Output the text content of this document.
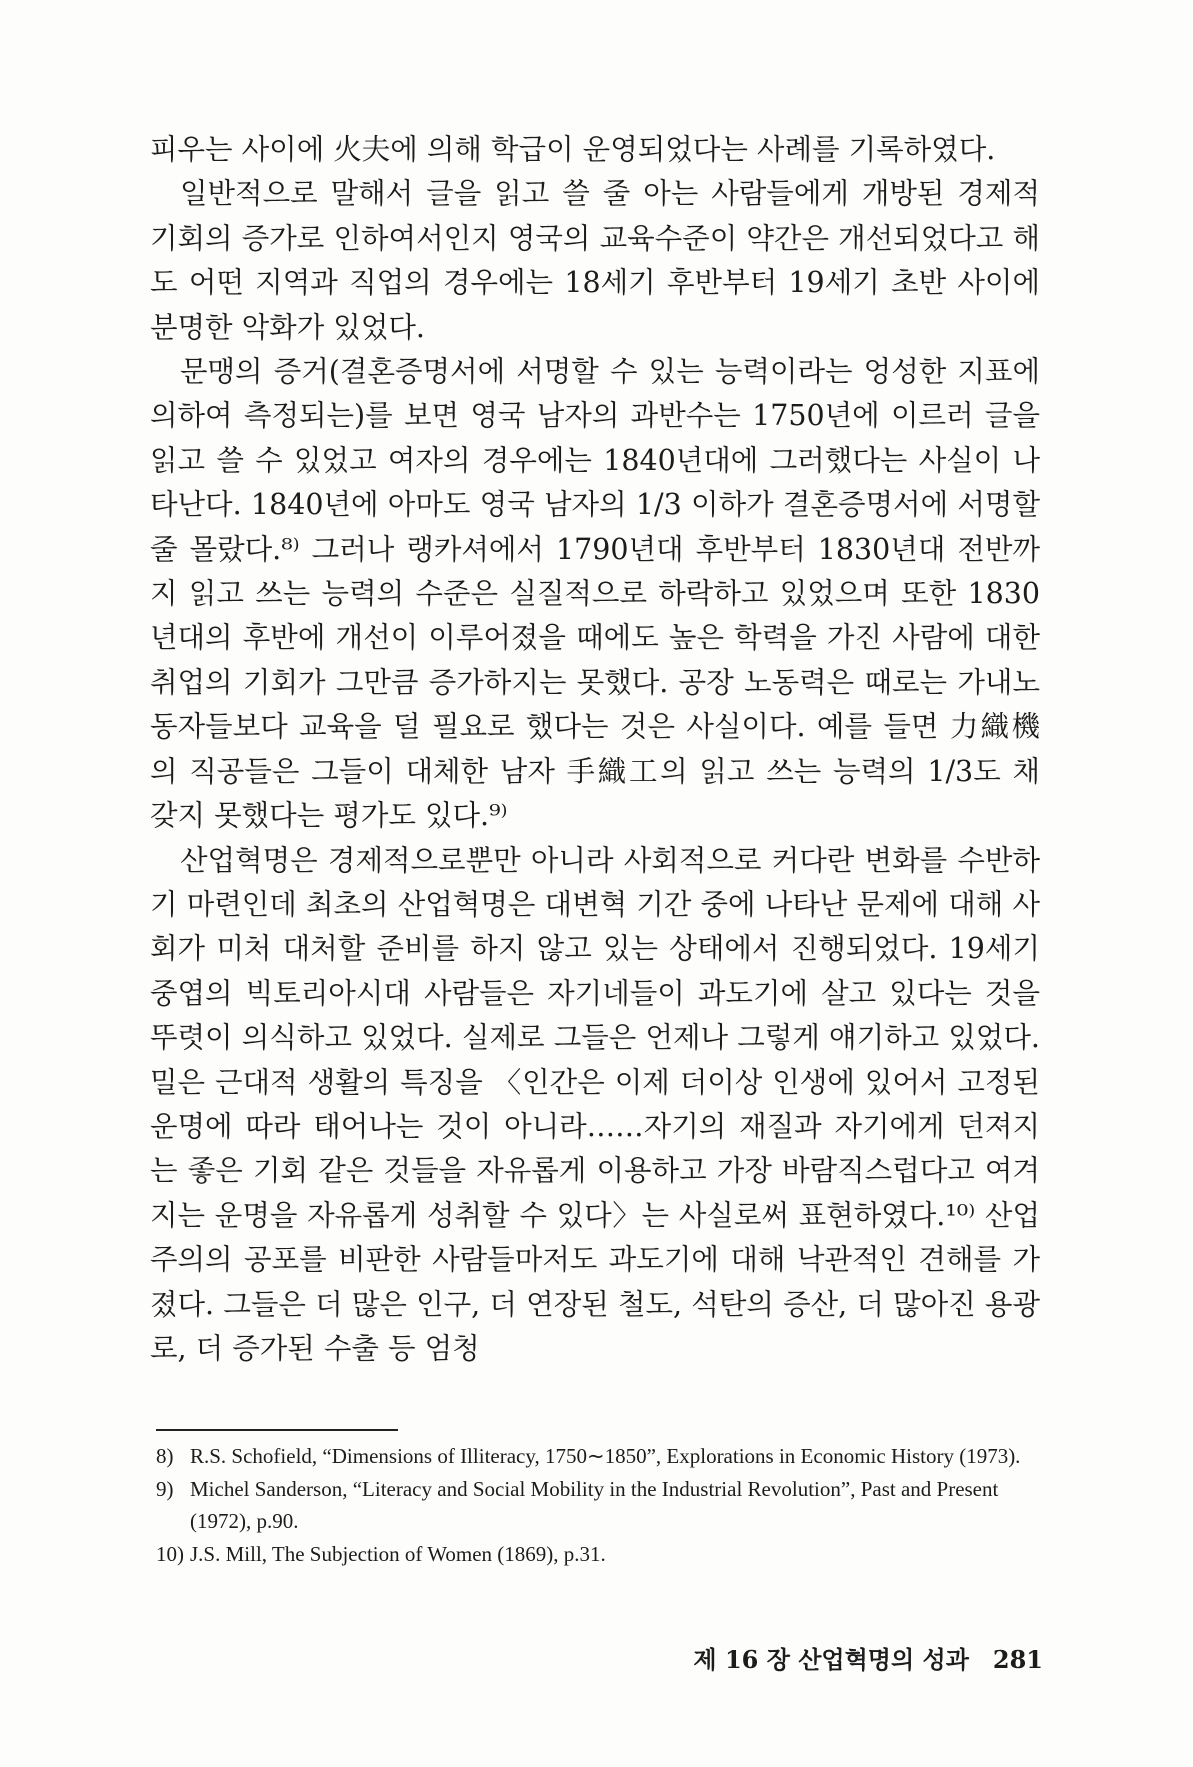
피우는 사이에 火夫에 의해 학급이 운영되었다는 사례를 기록하였다.

일반적으로 말해서 글을 읽고 쓸 줄 아는 사람들에게 개방된 경제적 기회의 증가로 인하여서인지 영국의 교육수준이 약간은 개선되었다고 해도 어떤 지역과 직업의 경우에는 18세기 후반부터 19세기 초반 사이에 분명한 악화가 있었다.

문맹의 증거(결혼증명서에 서명할 수 있는 능력이라는 엉성한 지표에 의하여 측정되는)를 보면 영국 남자의 과반수는 1750년에 이르러 글을 읽고 쓸 수 있었고 여자의 경우에는 1840년대에 그러했다는 사실이 나타난다. 1840년에 아마도 영국 남자의 1/3 이하가 결혼증명서에 서명할 줄 몰랐다.⁸⁾ 그러나 랭카셔에서 1790년대 후반부터 1830년대 전반까지 읽고 쓰는 능력의 수준은 실질적으로 하락하고 있었으며 또한 1830년대의 후반에 개선이 이루어졌을 때에도 높은 학력을 가진 사람에 대한 취업의 기회가 그만큼 증가하지는 못했다. 공장 노동력은 때로는 가내노동자들보다 교육을 덜 필요로 했다는 것은 사실이다. 예를 들면 力織機의 직공들은 그들이 대체한 남자 手織工의 읽고 쓰는 능력의 1/3도 채 갖지 못했다는 평가도 있다.⁹⁾

산업혁명은 경제적으로뿐만 아니라 사회적으로 커다란 변화를 수반하기 마련인데 최초의 산업혁명은 대변혁 기간 중에 나타난 문제에 대해 사회가 미처 대처할 준비를 하지 않고 있는 상태에서 진행되었다. 19세기 중엽의 빅토리아시대 사람들은 자기네들이 과도기에 살고 있다는 것을 뚜렷이 의식하고 있었다. 실제로 그들은 언제나 그렇게 얘기하고 있었다. 밀은 근대적 생활의 특징을 〈인간은 이제 더이상 인생에 있어서 고정된 운명에 따라 태어나는 것이 아니라……자기의 재질과 자기에게 던져지는 좋은 기회 같은 것들을 자유롭게 이용하고 가장 바람직스럽다고 여겨지는 운명을 자유롭게 성취할 수 있다〉는 사실로써 표현하였다.¹⁰⁾ 산업주의의 공포를 비판한 사람들마저도 과도기에 대해 낙관적인 견해를 가졌다. 그들은 더 많은 인구, 더 연장된 철도, 석탄의 증산, 더 많아진 용광로, 더 증가된 수출 등 엄청

8) R.S. Schofield, “Dimensions of Illiteracy, 1750∼1850”, Explorations in Economic History (1973).

9) Michel Sanderson, “Literacy and Social Mobility in the Industrial Revolution”, Past and Present (1972), p.90.

10) J.S. Mill, The Subjection of Women (1869), p.31.

제 16 장 산업혁명의 성과 281
